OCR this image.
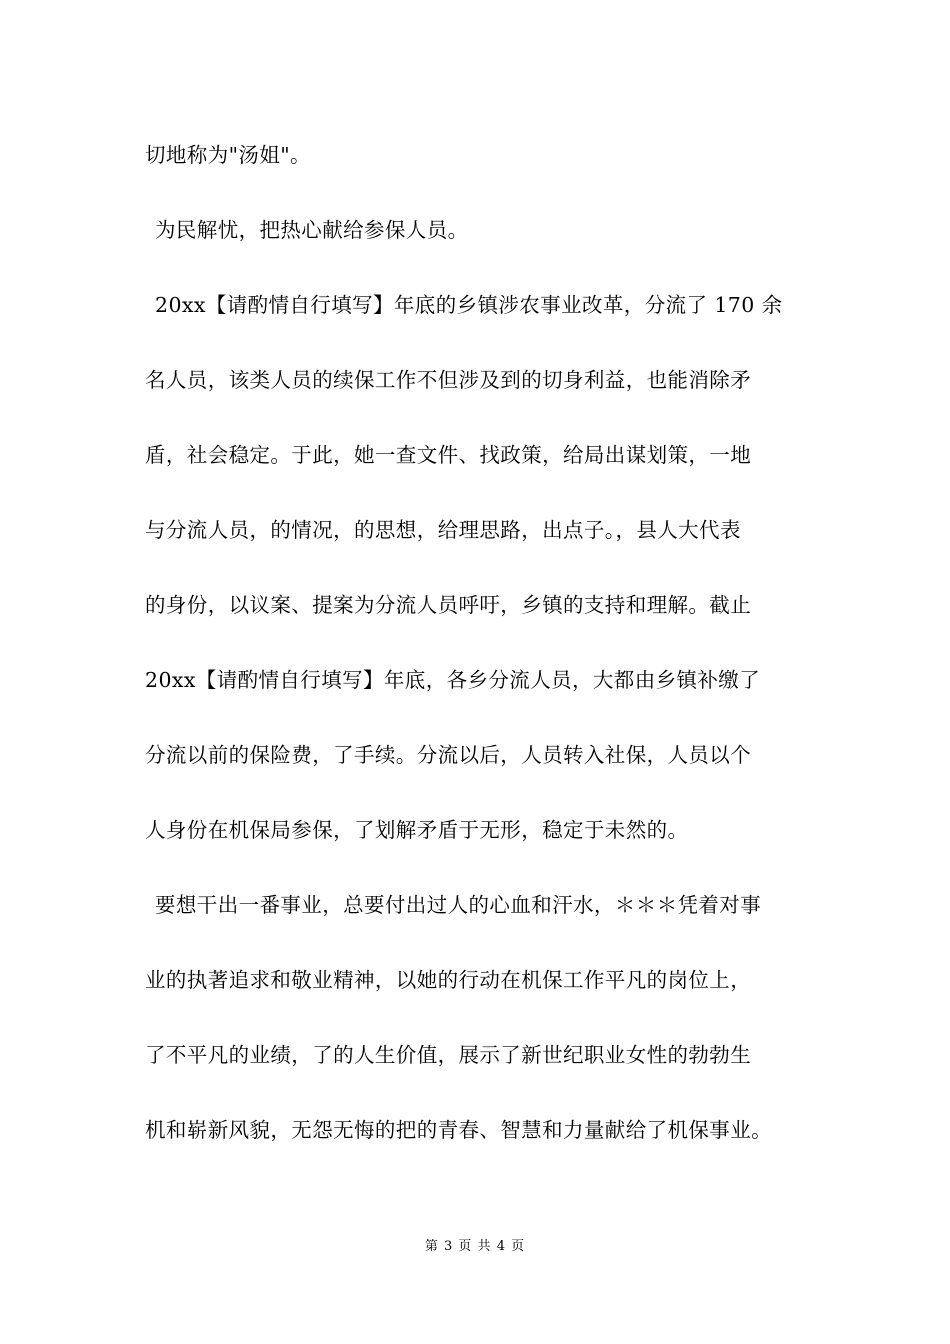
切地称为"汤姐"。
为民解忧，把热心献给参保人员。
20xx【请酌情自行填写】年底的乡镇涉农事业改革，分流了 170 余
名人员，该类人员的续保工作不但涉及到的切身利益，也能消除矛
盾，社会稳定。于此，她一查文件、找政策，给局出谋划策，一地
与分流人员，的情况，的思想，给理思路，出点子。，县人大代表
的身份，以议案、提案为分流人员呼吁，乡镇的支持和理解。截止
20xx【请酌情自行填写】年底，各乡分流人员，大都由乡镇补缴了
分流以前的保险费，了手续。分流以后，人员转入社保，人员以个
人身份在机保局参保，了划解矛盾于无形，稳定于未然的。
要想干出一番事业，总要付出过人的心血和汗水，＊＊＊凭着对事
业的执著追求和敬业精神，以她的行动在机保工作平凡的岗位上，
了不平凡的业绩，了的人生价值，展示了新世纪职业女性的勃勃生
机和崭新风貌，无怨无悔的把的青春、智慧和力量献给了机保事业。
第 3 页 共 4 页
